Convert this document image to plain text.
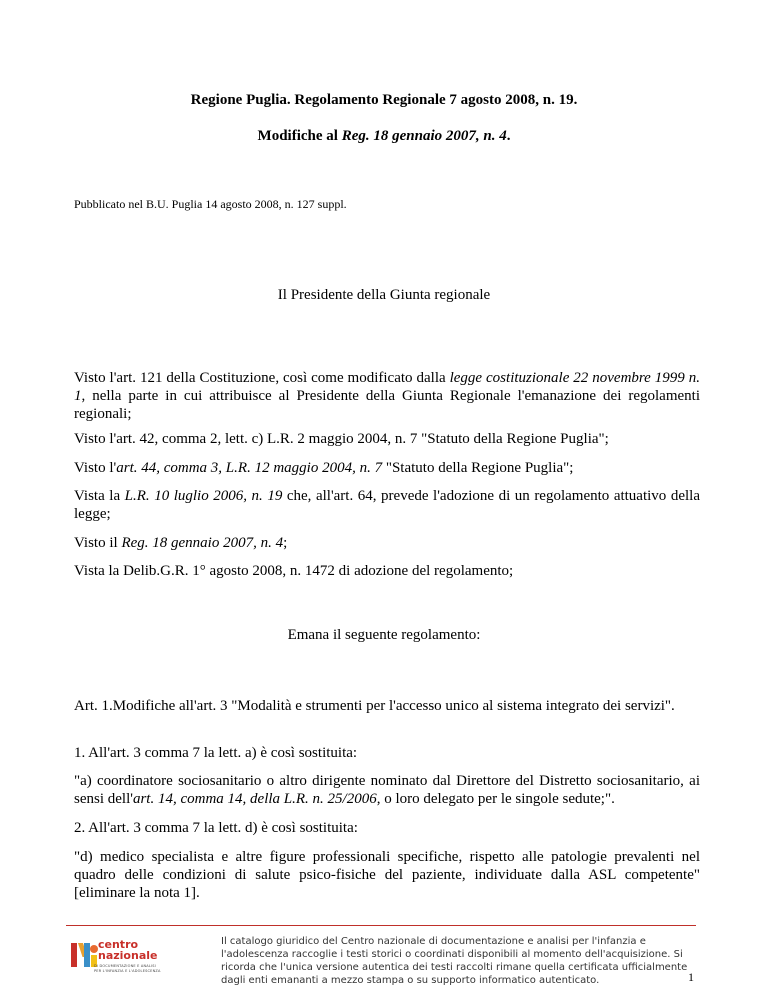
Regione Puglia. Regolamento Regionale 7 agosto 2008, n. 19.
Modifiche al Reg. 18 gennaio 2007, n. 4.
Pubblicato nel B.U. Puglia 14 agosto 2008, n. 127 suppl.
Il Presidente della Giunta regionale
Visto l'art. 121 della Costituzione, così come modificato dalla legge costituzionale 22 novembre 1999 n. 1, nella parte in cui attribuisce al Presidente della Giunta Regionale l'emanazione dei regolamenti regionali;
Visto l'art. 42, comma 2, lett. c) L.R. 2 maggio 2004, n. 7 "Statuto della Regione Puglia";
Visto l'art. 44, comma 3, L.R. 12 maggio 2004, n. 7 "Statuto della Regione Puglia";
Vista la L.R. 10 luglio 2006, n. 19 che, all'art. 64, prevede l'adozione di un regolamento attuativo della legge;
Visto il Reg. 18 gennaio 2007, n. 4;
Vista la Delib.G.R. 1° agosto 2008, n. 1472 di adozione del regolamento;
Emana il seguente regolamento:
Art. 1.Modifiche all'art. 3 "Modalità e strumenti per l'accesso unico al sistema integrato dei servizi".
1. All'art. 3 comma 7 la lett. a) è così sostituita:
"a) coordinatore sociosanitario o altro dirigente nominato dal Direttore del Distretto sociosanitario, ai sensi dell'art. 14, comma 14, della L.R. n. 25/2006, o loro delegato per le singole sedute;".
2. All'art. 3 comma 7 la lett. d) è così sostituita:
"d) medico specialista e altre figure professionali specifiche, rispetto alle patologie prevalenti nel quadro delle condizioni di salute psico-fisiche del paziente, individuate dalla ASL competente" [eliminare la nota 1].
centro
nazionale
DI DOCUMENTAZIONE E ANALISI
PER L'INFANZIA E L'ADOLESCENZA
Il catalogo giuridico del Centro nazionale di documentazione e analisi per l'infanzia e l'adolescenza raccoglie i testi storici o coordinati disponibili al momento dell'acquisizione. Si ricorda che l'unica versione autentica dei testi raccolti rimane quella certificata ufficialmente dagli enti emananti a mezzo stampa o su supporto informatico autenticato.	1
